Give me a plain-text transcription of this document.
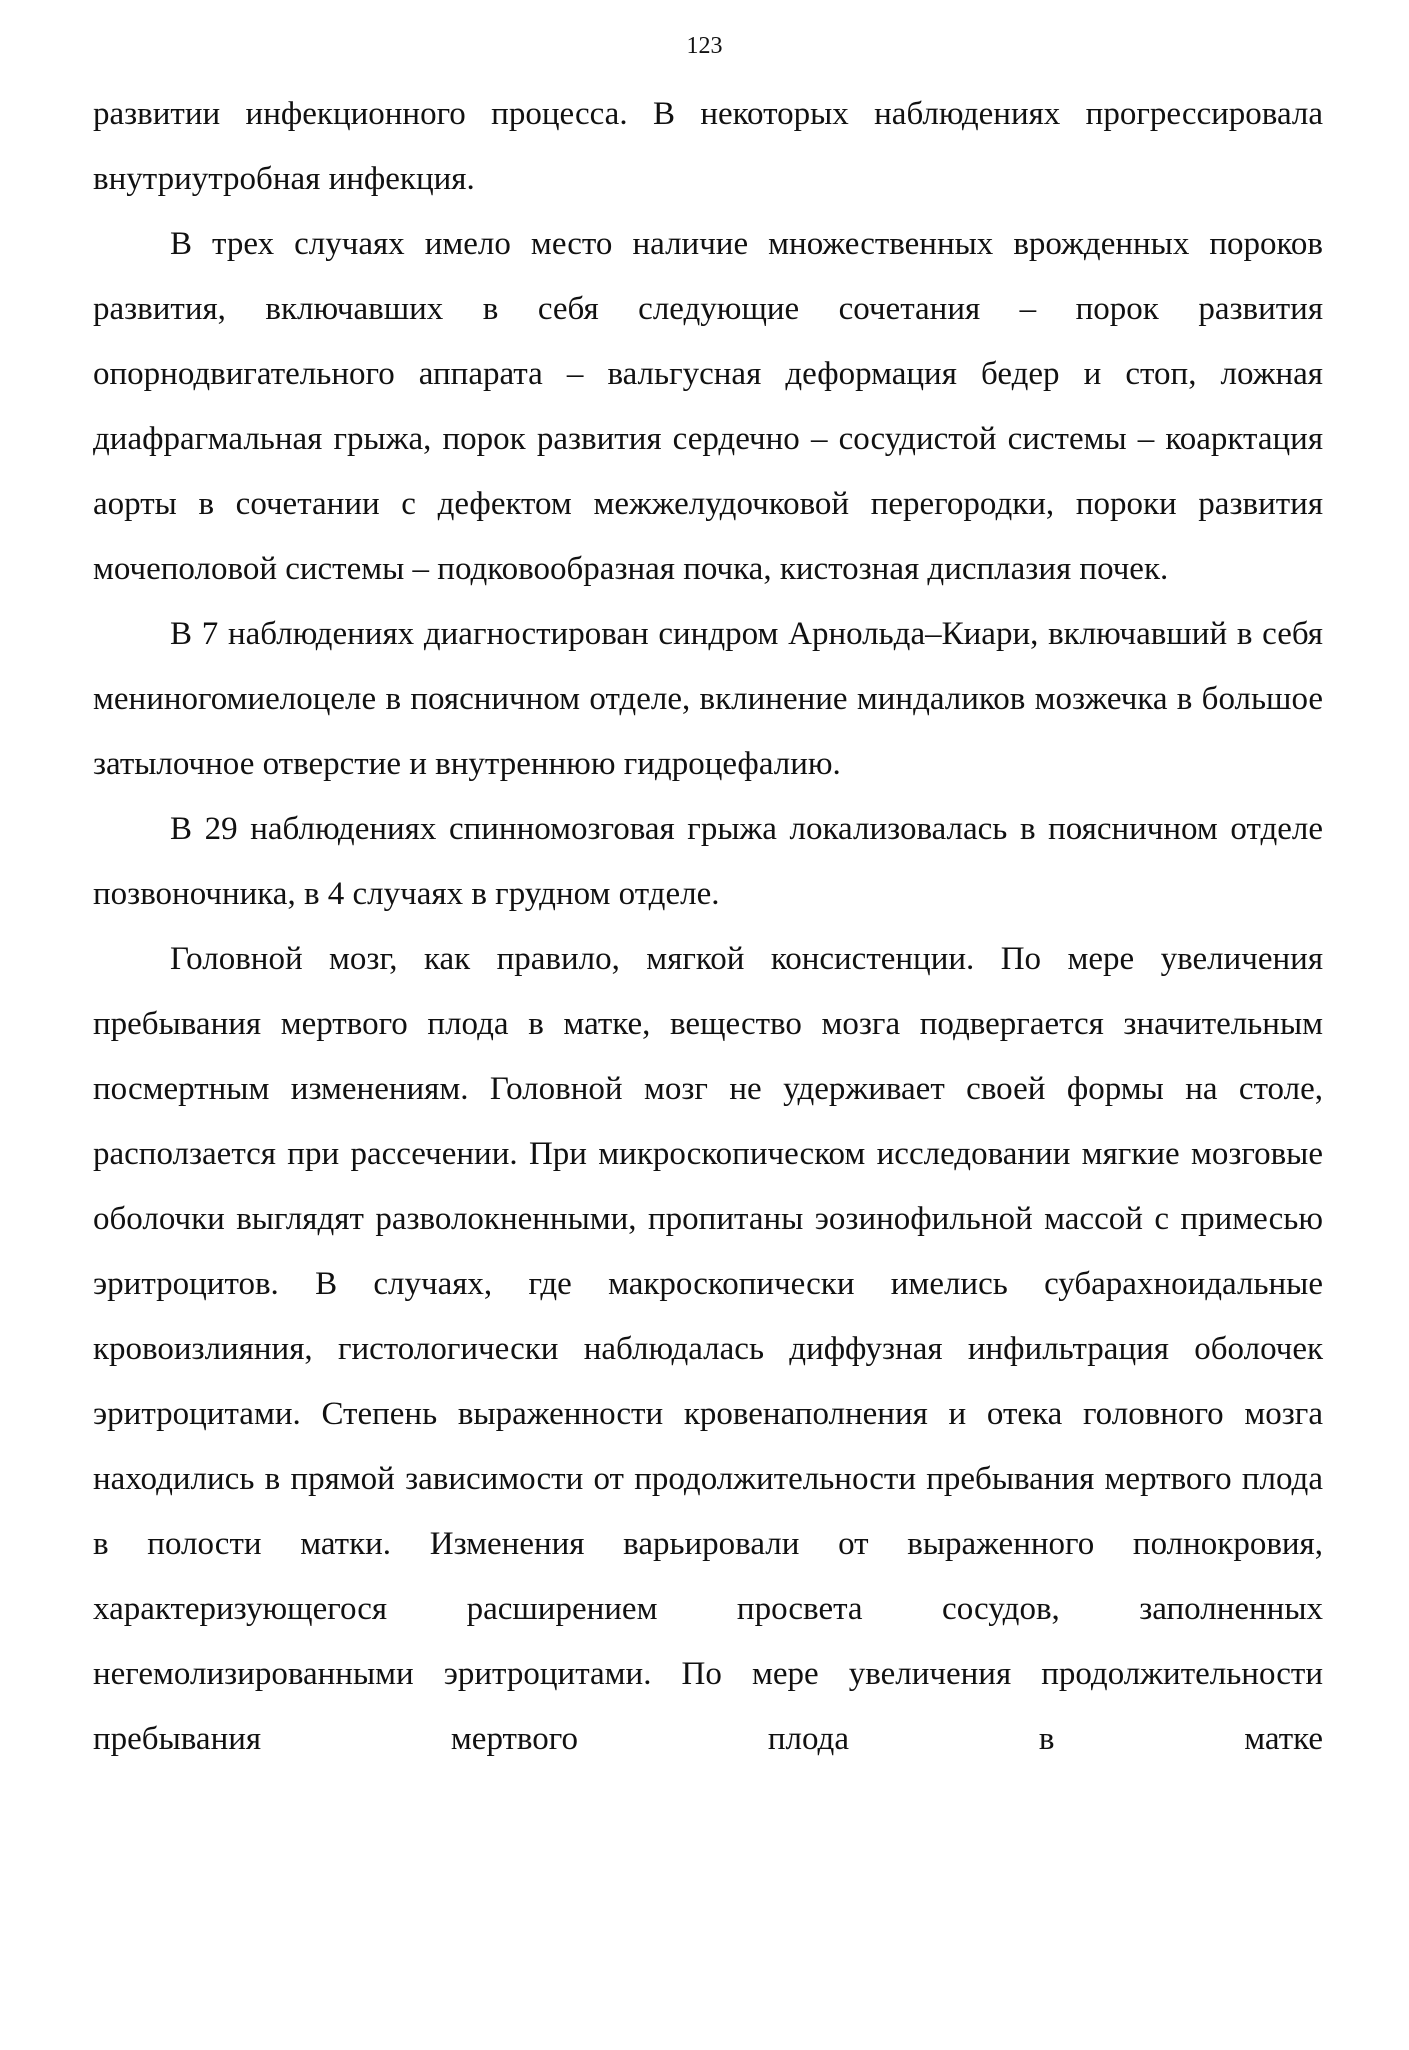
123

развитии инфекционного процесса. В некоторых наблюдениях прогрессировала внутриутробная инфекция.

В трех случаях имело место наличие множественных врожденных пороков развития, включавших в себя следующие сочетания – порок развития опорнодвигательного аппарата – вальгусная деформация бедер и стоп, ложная диафрагмальная грыжа, порок развития сердечно – сосудистой системы – коарктация аорты в сочетании с дефектом межжелудочковой перегородки, пороки развития мочеполовой системы – подковообразная почка, кистозная дисплазия почек.

В 7 наблюдениях диагностирован синдром Арнольда–Киари, включавший в себя мениногомиелоцеле в поясничном отделе, вклинение миндаликов мозжечка в большое затылочное отверстие и внутреннюю гидроцефалию.

В 29 наблюдениях спинномозговая грыжа локализовалась в поясничном отделе позвоночника, в 4 случаях в грудном отделе.

Головной мозг, как правило, мягкой консистенции. По мере увеличения пребывания мертвого плода в матке, вещество мозга подвергается значительным посмертным изменениям. Головной мозг не удерживает своей формы на столе, расползается при рассечении. При микроскопическом исследовании мягкие мозговые оболочки выглядят разволокненными, пропитаны эозинофильной массой с примесью эритроцитов. В случаях, где макроскопически имелись субарахноидальные кровоизлияния, гистологически наблюдалась диффузная инфильтрация оболочек эритроцитами. Степень выраженности кровенаполнения и отека головного мозга находились в прямой зависимости от продолжительности пребывания мертвого плода в полости матки. Изменения варьировали от выраженного полнокровия, характеризующегося расширением просвета сосудов, заполненных негемолизированными эритроцитами. По мере увеличения продолжительности пребывания мертвого плода в матке
